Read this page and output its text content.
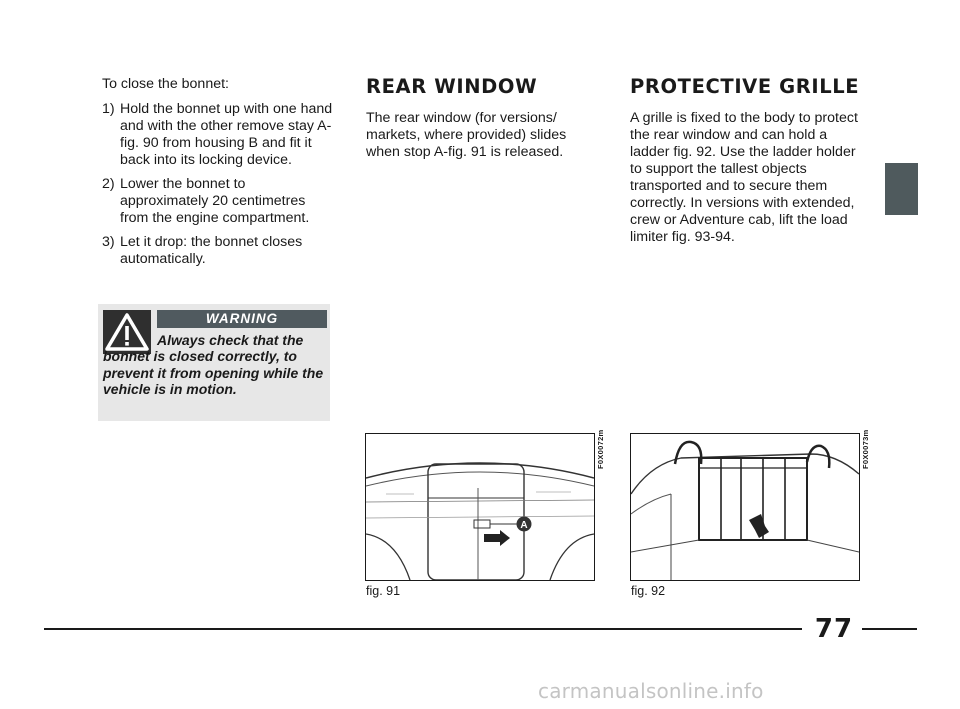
To close the bonnet:

1) Hold the bonnet up with one hand and with the other remove stay A-fig. 90 from housing B and fit it back into its locking device.
2) Lower the bonnet to approximately 20 centimetres from the engine compartment.
3) Let it drop: the bonnet closes automatically.
WARNING
Always check that the bonnet is closed correctly, to prevent it from opening while the vehicle is in motion.
REAR WINDOW

The rear window (for versions/ markets, where provided) slides when stop A-fig. 91 is released.

PROTECTIVE GRILLE

A grille is fixed to the body to protect the rear window and can hold a ladder fig. 92. Use the ladder holder to support the tallest objects transported and to secure them correctly. In versions with extended, crew or Adventure cab, lift the load limiter fig. 93-94.

A
F0X0072m
fig. 91
F0X0073m
fig. 92
77
carmanualsonline.info
